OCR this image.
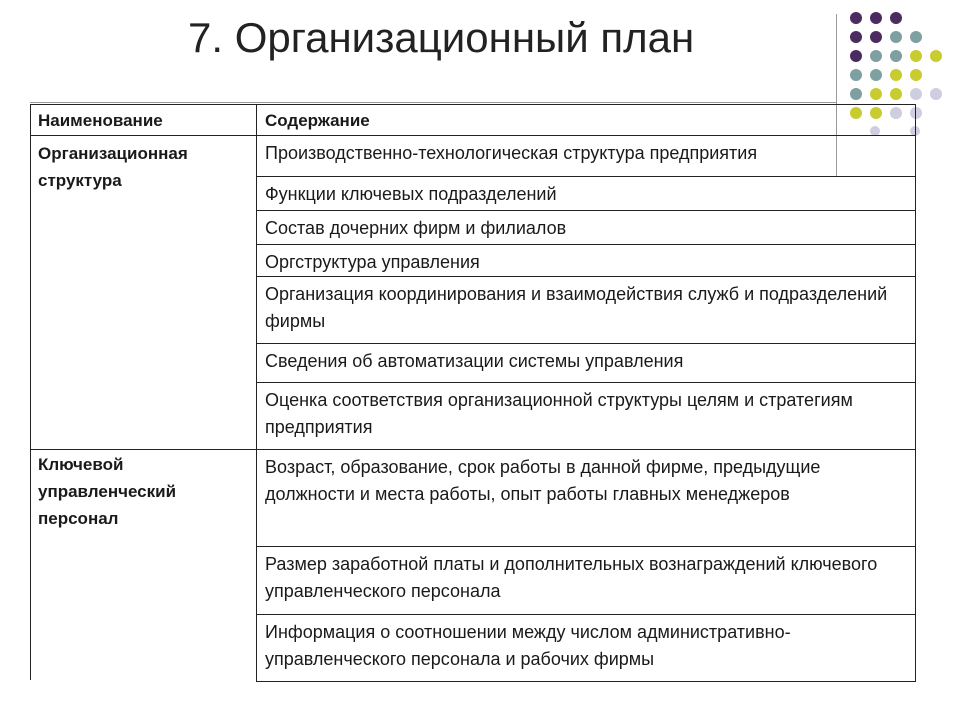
7. Организационный план
Наименование	Содержание
Организационная структура
Производственно-технологическая структура предприятия
Функции ключевых подразделений
Состав дочерних фирм и филиалов
Оргструктура управления
Организация координирования и взаимодействия служб и подразделений фирмы
Сведения об автоматизации системы управления
Оценка соответствия организационной структуры целям и стратегиям предприятия
Ключевой управленческий персонал
Возраст, образование, срок работы в данной фирме, предыдущие должности и места работы, опыт работы главных менеджеров
Размер заработной платы и дополнительных вознаграждений ключевого управленческого персонала
Информация о соотношении между числом административно-управленческого персонала и рабочих фирмы
